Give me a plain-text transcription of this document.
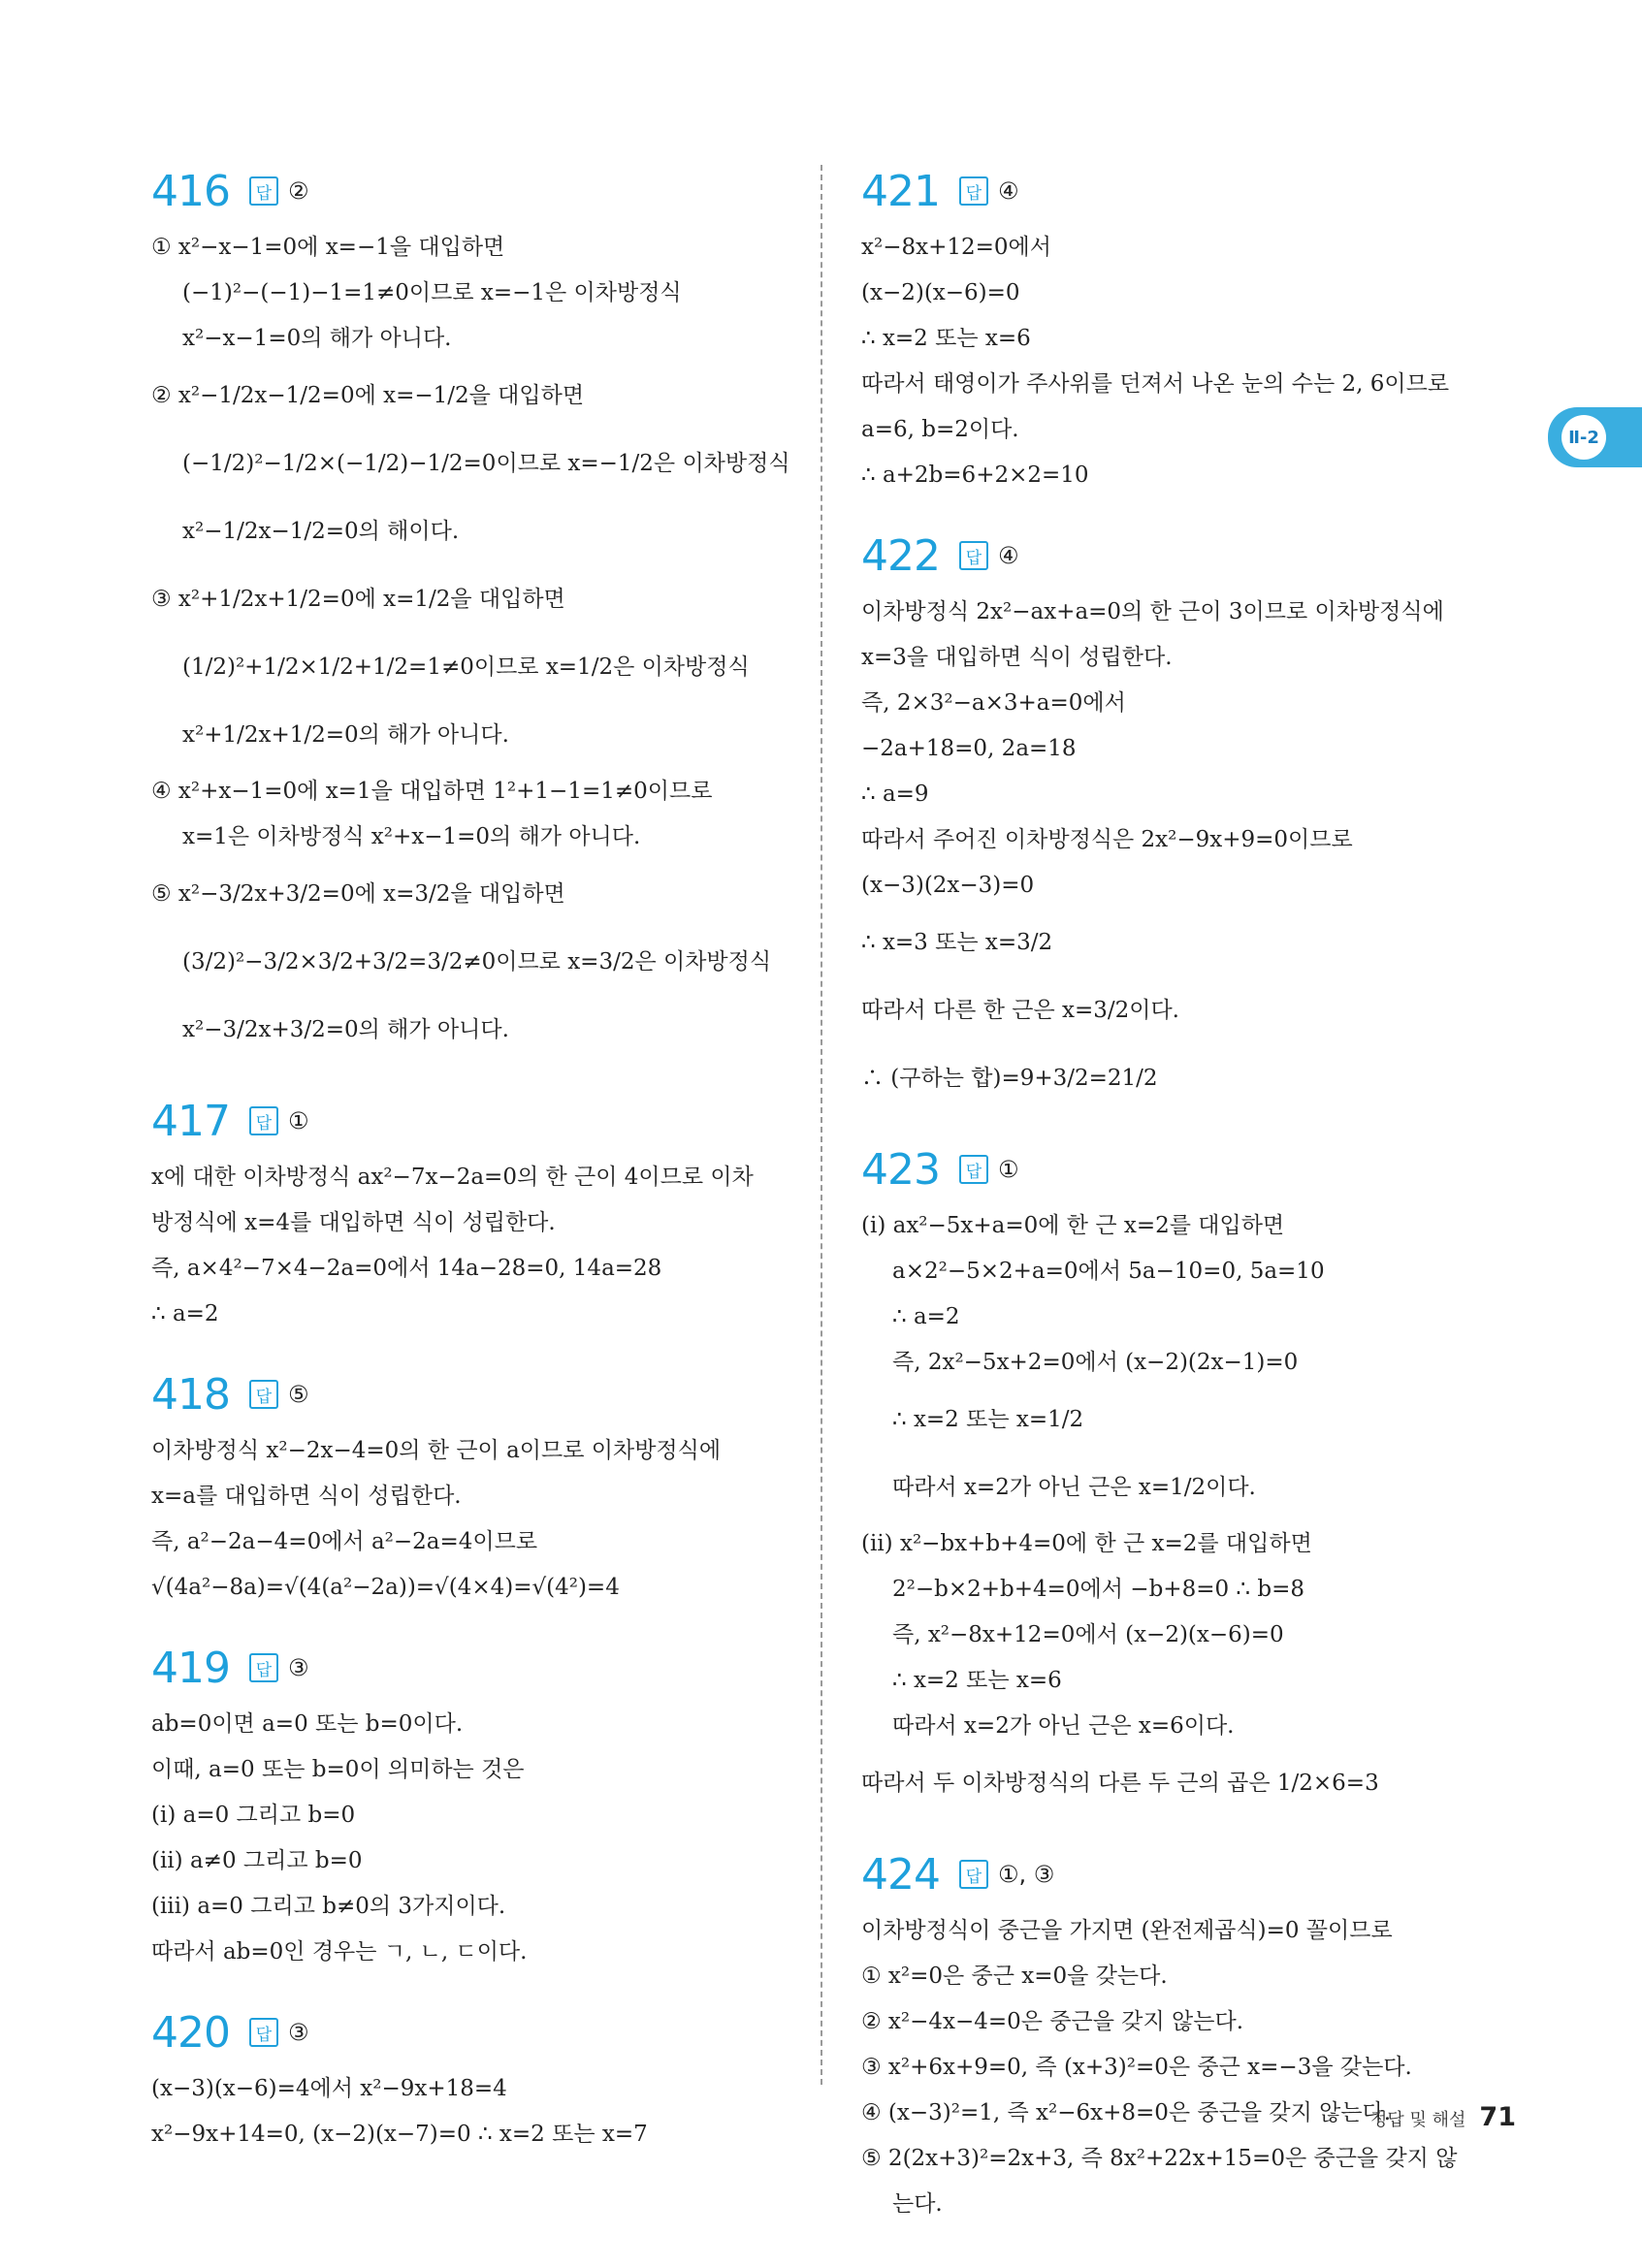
416	답 ②
① x²−x−1=0에 x=−1을 대입하면
(−1)²−(−1)−1=1≠0이므로 x=−1은 이차방정식
x²−x−1=0의 해가 아니다.
② x²−1/2x−1/2=0에 x=−1/2을 대입하면
(−1/2)²−1/2×(−1/2)−1/2=0이므로 x=−1/2은 이차방정식
x²−1/2x−1/2=0의 해이다.
③ x²+1/2x+1/2=0에 x=1/2을 대입하면
(1/2)²+1/2×1/2+1/2=1≠0이므로 x=1/2은 이차방정식
x²+1/2x+1/2=0의 해가 아니다.
④ x²+x−1=0에 x=1을 대입하면 1²+1−1=1≠0이므로
x=1은 이차방정식 x²+x−1=0의 해가 아니다.
⑤ x²−3/2x+3/2=0에 x=3/2을 대입하면
(3/2)²−3/2×3/2+3/2=3/2≠0이므로 x=3/2은 이차방정식
x²−3/2x+3/2=0의 해가 아니다.
417	답 ①
x에 대한 이차방정식 ax²−7x−2a=0의 한 근이 4이므로 이차
방정식에 x=4를 대입하면 식이 성립한다.
즉, a×4²−7×4−2a=0에서 14a−28=0, 14a=28
∴ a=2
418	답 ⑤
이차방정식 x²−2x−4=0의 한 근이 a이므로 이차방정식에
x=a를 대입하면 식이 성립한다.
즉, a²−2a−4=0에서 a²−2a=4이므로
√(4a²−8a)=√(4(a²−2a))=√(4×4)=√(4²)=4
419	답 ③
ab=0이면 a=0 또는 b=0이다.
이때, a=0 또는 b=0이 의미하는 것은
(ⅰ) a=0 그리고 b=0
(ⅱ) a≠0 그리고 b=0
(ⅲ) a=0 그리고 b≠0의 3가지이다.
따라서 ab=0인 경우는 ㄱ, ㄴ, ㄷ이다.
420	답 ③
(x−3)(x−6)=4에서 x²−9x+18=4
x²−9x+14=0, (x−2)(x−7)=0 ∴ x=2 또는 x=7
421	답 ④
x²−8x+12=0에서
(x−2)(x−6)=0
∴ x=2 또는 x=6
따라서 태영이가 주사위를 던져서 나온 눈의 수는 2, 6이므로
a=6, b=2이다.
∴ a+2b=6+2×2=10
422	답 ④
이차방정식 2x²−ax+a=0의 한 근이 3이므로 이차방정식에
x=3을 대입하면 식이 성립한다.
즉, 2×3²−a×3+a=0에서
−2a+18=0, 2a=18
∴ a=9
따라서 주어진 이차방정식은 2x²−9x+9=0이므로
(x−3)(2x−3)=0
∴ x=3 또는 x=3/2
따라서 다른 한 근은 x=3/2이다.
∴ (구하는 합)=9+3/2=21/2
423	답 ①
(ⅰ) ax²−5x+a=0에 한 근 x=2를 대입하면
a×2²−5×2+a=0에서 5a−10=0, 5a=10
∴ a=2
즉, 2x²−5x+2=0에서 (x−2)(2x−1)=0
∴ x=2 또는 x=1/2
따라서 x=2가 아닌 근은 x=1/2이다.
(ⅱ) x²−bx+b+4=0에 한 근 x=2를 대입하면
2²−b×2+b+4=0에서 −b+8=0 ∴ b=8
즉, x²−8x+12=0에서 (x−2)(x−6)=0
∴ x=2 또는 x=6
따라서 x=2가 아닌 근은 x=6이다.
따라서 두 이차방정식의 다른 두 근의 곱은 1/2×6=3
424	답 ①, ③
이차방정식이 중근을 가지면 (완전제곱식)=0 꼴이므로
① x²=0은 중근 x=0을 갖는다.
② x²−4x−4=0은 중근을 갖지 않는다.
③ x²+6x+9=0, 즉 (x+3)²=0은 중근 x=−3을 갖는다.
④ (x−3)²=1, 즉 x²−6x+8=0은 중근을 갖지 않는다.
⑤ 2(2x+3)²=2x+3, 즉 8x²+22x+15=0은 중근을 갖지 않
는다.
Ⅱ-2
정답 및 해설 71
